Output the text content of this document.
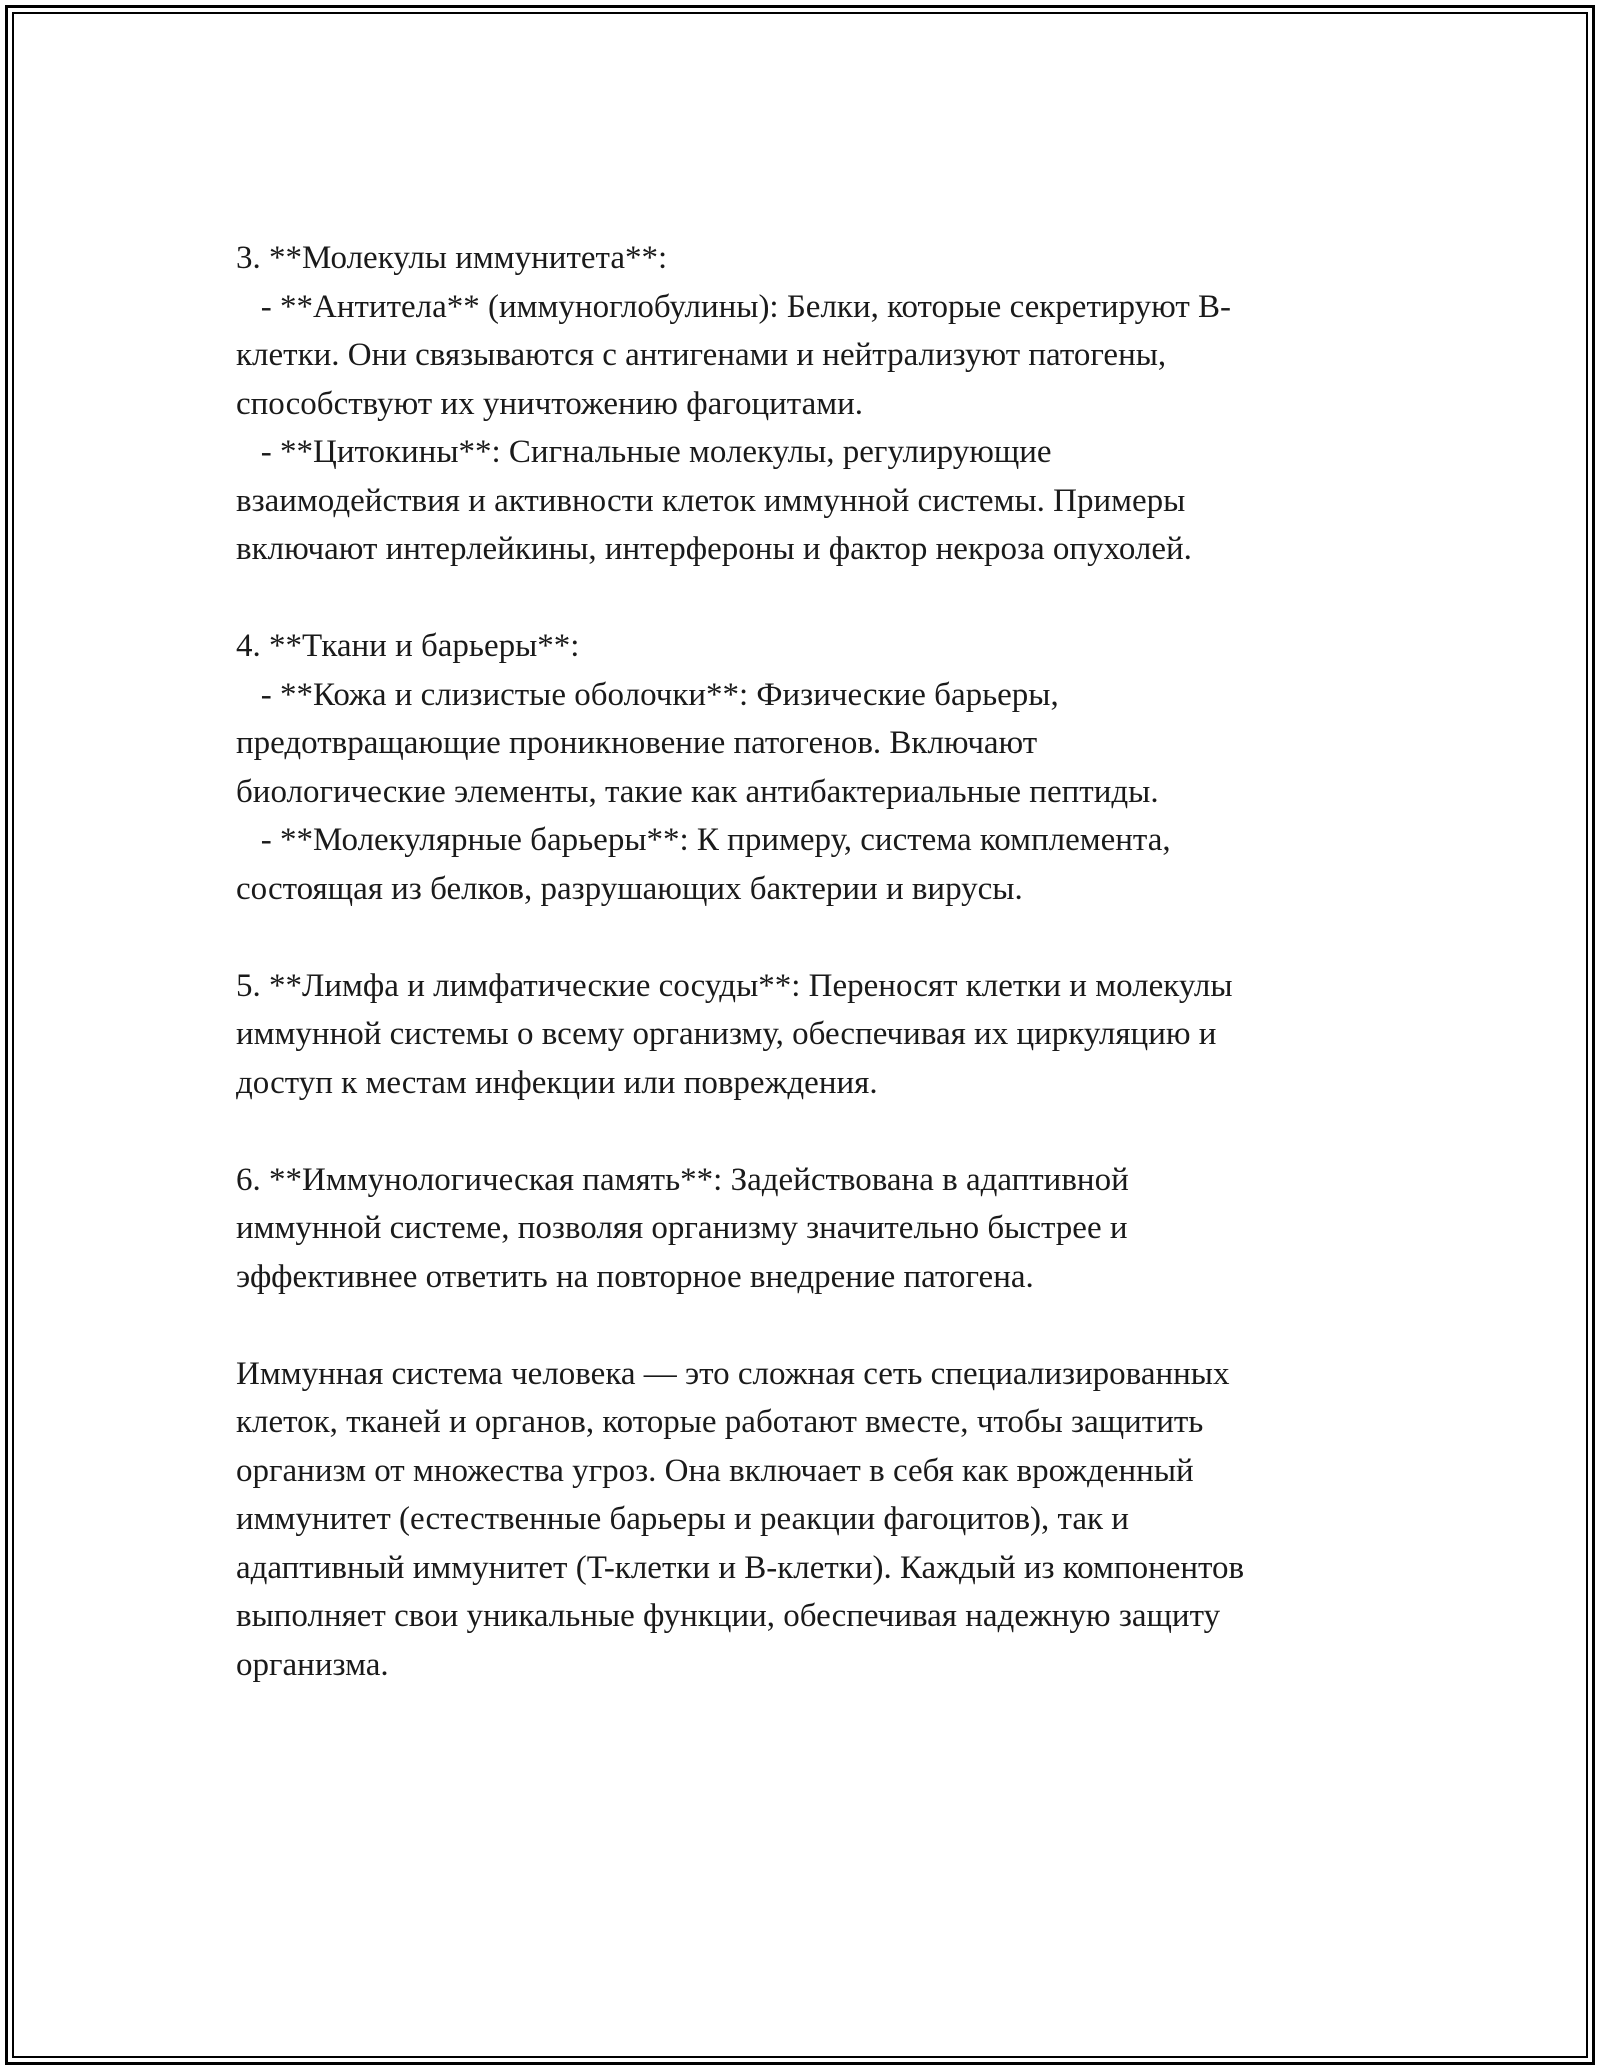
3. **Молекулы иммунитета**:
- **Антитела** (иммуноглобулины): Белки, которые секретируют B-
клетки. Они связываются с антигенами и нейтрализуют патогены,
способствуют их уничтожению фагоцитами.
- **Цитокины**: Сигнальные молекулы, регулирующие
взаимодействия и активности клеток иммунной системы. Примеры
включают интерлейкины, интерфероны и фактор некроза опухолей.

4. **Ткани и барьеры**:
- **Кожа и слизистые оболочки**: Физические барьеры,
предотвращающие проникновение патогенов. Включают
биологические элементы, такие как антибактериальные пептиды.
- **Молекулярные барьеры**: К примеру, система комплемента,
состоящая из белков, разрушающих бактерии и вирусы.

5. **Лимфа и лимфатические сосуды**: Переносят клетки и молекулы
иммунной системы о всему организму, обеспечивая их циркуляцию и
доступ к местам инфекции или повреждения.

6. **Иммунологическая память**: Задействована в адаптивной
иммунной системе, позволяя организму значительно быстрее и
эффективнее ответить на повторное внедрение патогена.

Иммунная система человека — это сложная сеть специализированных
клеток, тканей и органов, которые работают вместе, чтобы защитить
организм от множества угроз. Она включает в себя как врожденный
иммунитет (естественные барьеры и реакции фагоцитов), так и
адаптивный иммунитет (T-клетки и B-клетки). Каждый из компонентов
выполняет свои уникальные функции, обеспечивая надежную защиту
организма.
